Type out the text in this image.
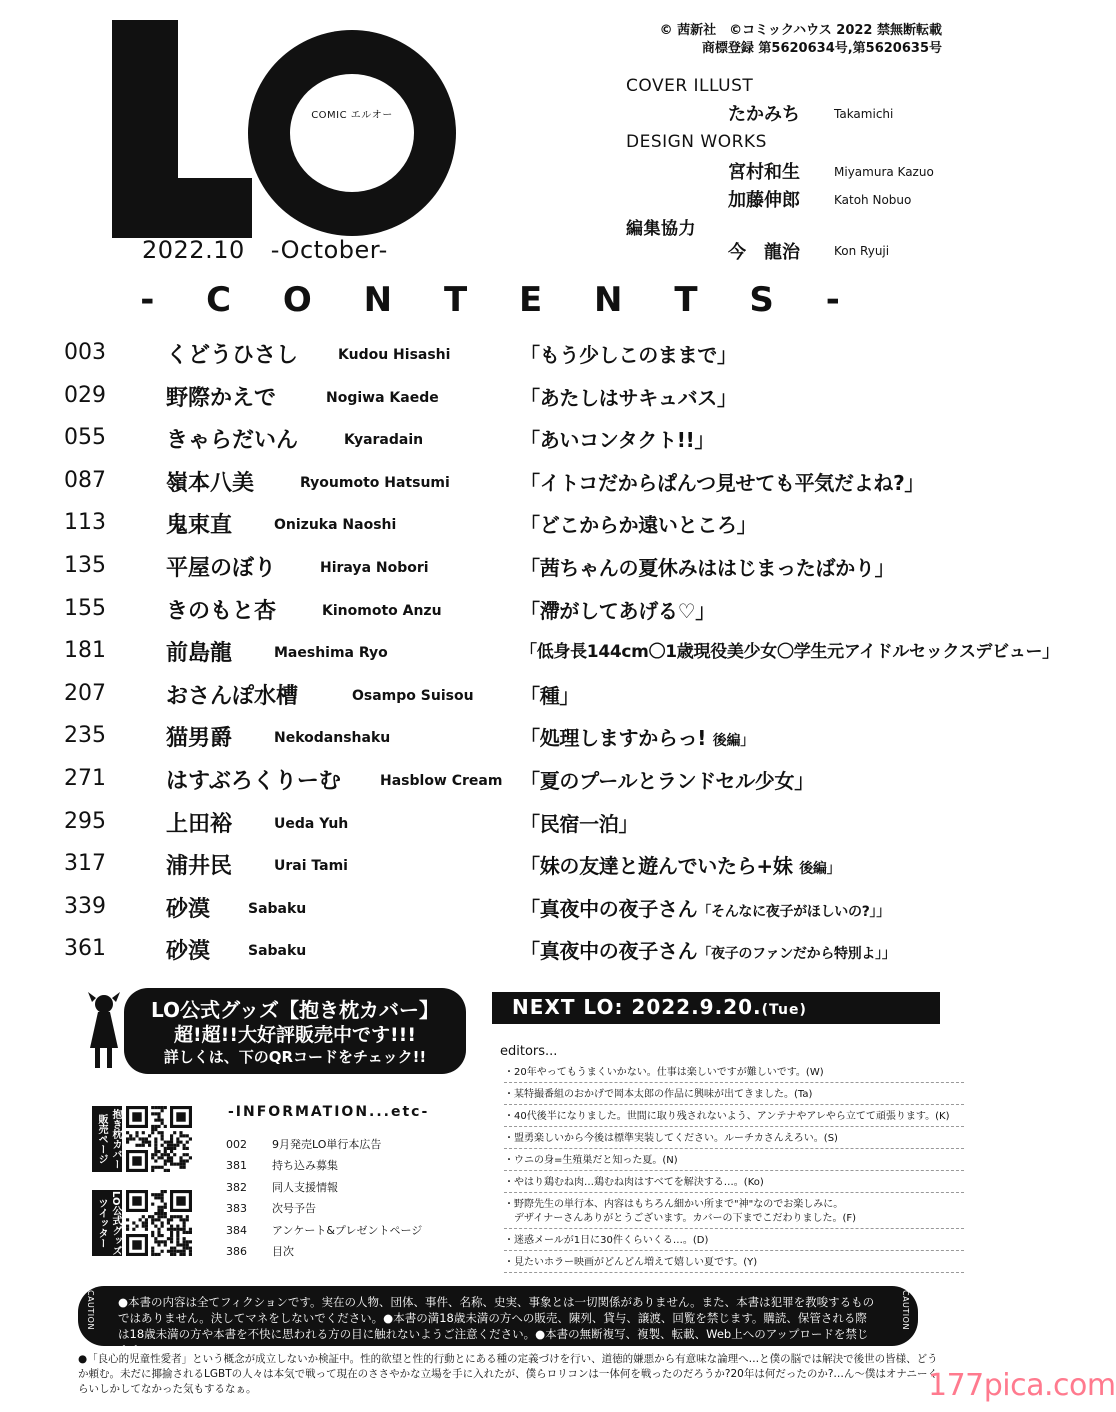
COMIC エルオー
2022.10 -October-
© 茜新社　©コミックハウス 2022 禁無断転載
商標登録 第5620634号,第5620635号
COVER ILLUST
たかみち	Takamichi
DESIGN WORKS
宮村和生	Miyamura Kazuo
加藤伸郎	Katoh Nobuo
編集協力
今　龍治	Kon Ryuji
- C O N T E N T S -
003	くどうひさし	Kudou Hisashi	「もう少しこのままで」
029	野際かえで	Nogiwa Kaede	「あたしはサキュバス」
055	きゃらだいん	Kyaradain	「あいコンタクト!!」
087	嶺本八美	Ryoumoto Hatsumi	「イトコだからぱんつ見せても平気だよね?」
113	鬼束直	Onizuka Naoshi	「どこからか遠いところ」
135	平屋のぼり	Hiraya Nobori	「茜ちゃんの夏休みははじまったばかり」
155	きのもと杏	Kinomoto Anzu	「滯がしてあげる♡」
181	前島龍	Maeshima Ryo	「低身長144cm〇1歳現役美少女〇学生元アイドルセックスデビュー」
207	おさんぽ水槽	Osampo Suisou 「種」
235	猫男爵	Nekodanshaku	「処理しますからっ! 後編」
271	はすぶろくりーむ	Hasblow Cream 「夏のプールとランドセル少女」
295	上田裕	Ueda Yuh	「民宿一泊」
317	浦井民	Urai Tami	「妹の友達と遊んでいたら+妹 後編」
339	砂漠	Sabaku	「真夜中の夜子さん「そんなに夜子がほしいの?」」
361	砂漠	Sabaku	「真夜中の夜子さん「夜子のファンだから特別よ」」
LO公式グッズ【抱き枕カバー】
超!超!!大好評販売中です!!!
詳しくは、下のQRコードをチェック!!
抱き枕カバー販売ページ
LO公式グッズツイッター
-INFORMATION...etc-
002 9月発売LO単行本広告
381 持ち込み募集
382 同人支援情報
383 次号予告
384 アンケート&プレゼントページ
386 目次
NEXT LO: 2022.9.20.(Tue)
editors...
・20年やってもうまくいかない。仕事は楽しいですが難しいです。(W)
・某特撮番組のおかげで岡本太郎の作品に興味が出てきました。(Ta)
・40代後半になりました。世間に取り残されないよう、アンテナやアレやら立てて頑張ります。(K)
・盟勇楽しいから今後は標準実装してください。ルーチカさんえろい。(S)
・ウニの身=生殖巣だと知った夏。(N)
・やはり鶏むね肉…鶏むね肉はすべてを解決する…。(Ko)
・野際先生の単行本、内容はもちろん細かい所まで"神"なのでお楽しみに。
　デザイナーさんありがとうございます。カバーの下までこだわりました。(F)
・迷惑メールが1日に30件くらいくる…。(D)
・見たいホラー映画がどんどん増えて嬉しい夏です。(Y)
CAUTION ●本書の内容は全てフィクションです。実在の人物、団体、事件、名称、史実、事象とは一切関係がありません。また、本書は犯罪を教唆するものではありません。決してマネをしないでください。●本書の満18歳未満の方への販売、陳列、貸与、譲渡、回覧を禁じます。購読、保管される際は18歳未満の方や本書を不快に思われる方の目に触れないようご注意ください。●本書の無断複写、複製、転載、Web上へのアップロードを禁じます。
CAUTION
●「良心的児童性愛者」という概念が成立しないか検証中。性的欲望と性的行動とにある種の定義づけを行い、道徳的嫌悪から有意味な論理へ…と僕の脳では解決で後世の皆様、どうか頼む。未だに揶揄されるLGBTの人々は本気で戦って現在のささやかな立場を手に入れたが、僕らロリコンは一体何を戦ったのだろうか?20年は何だったのか?…ん〜僕はオナニーくらいしかしてなかった気もするなぁ。	177pica.com
